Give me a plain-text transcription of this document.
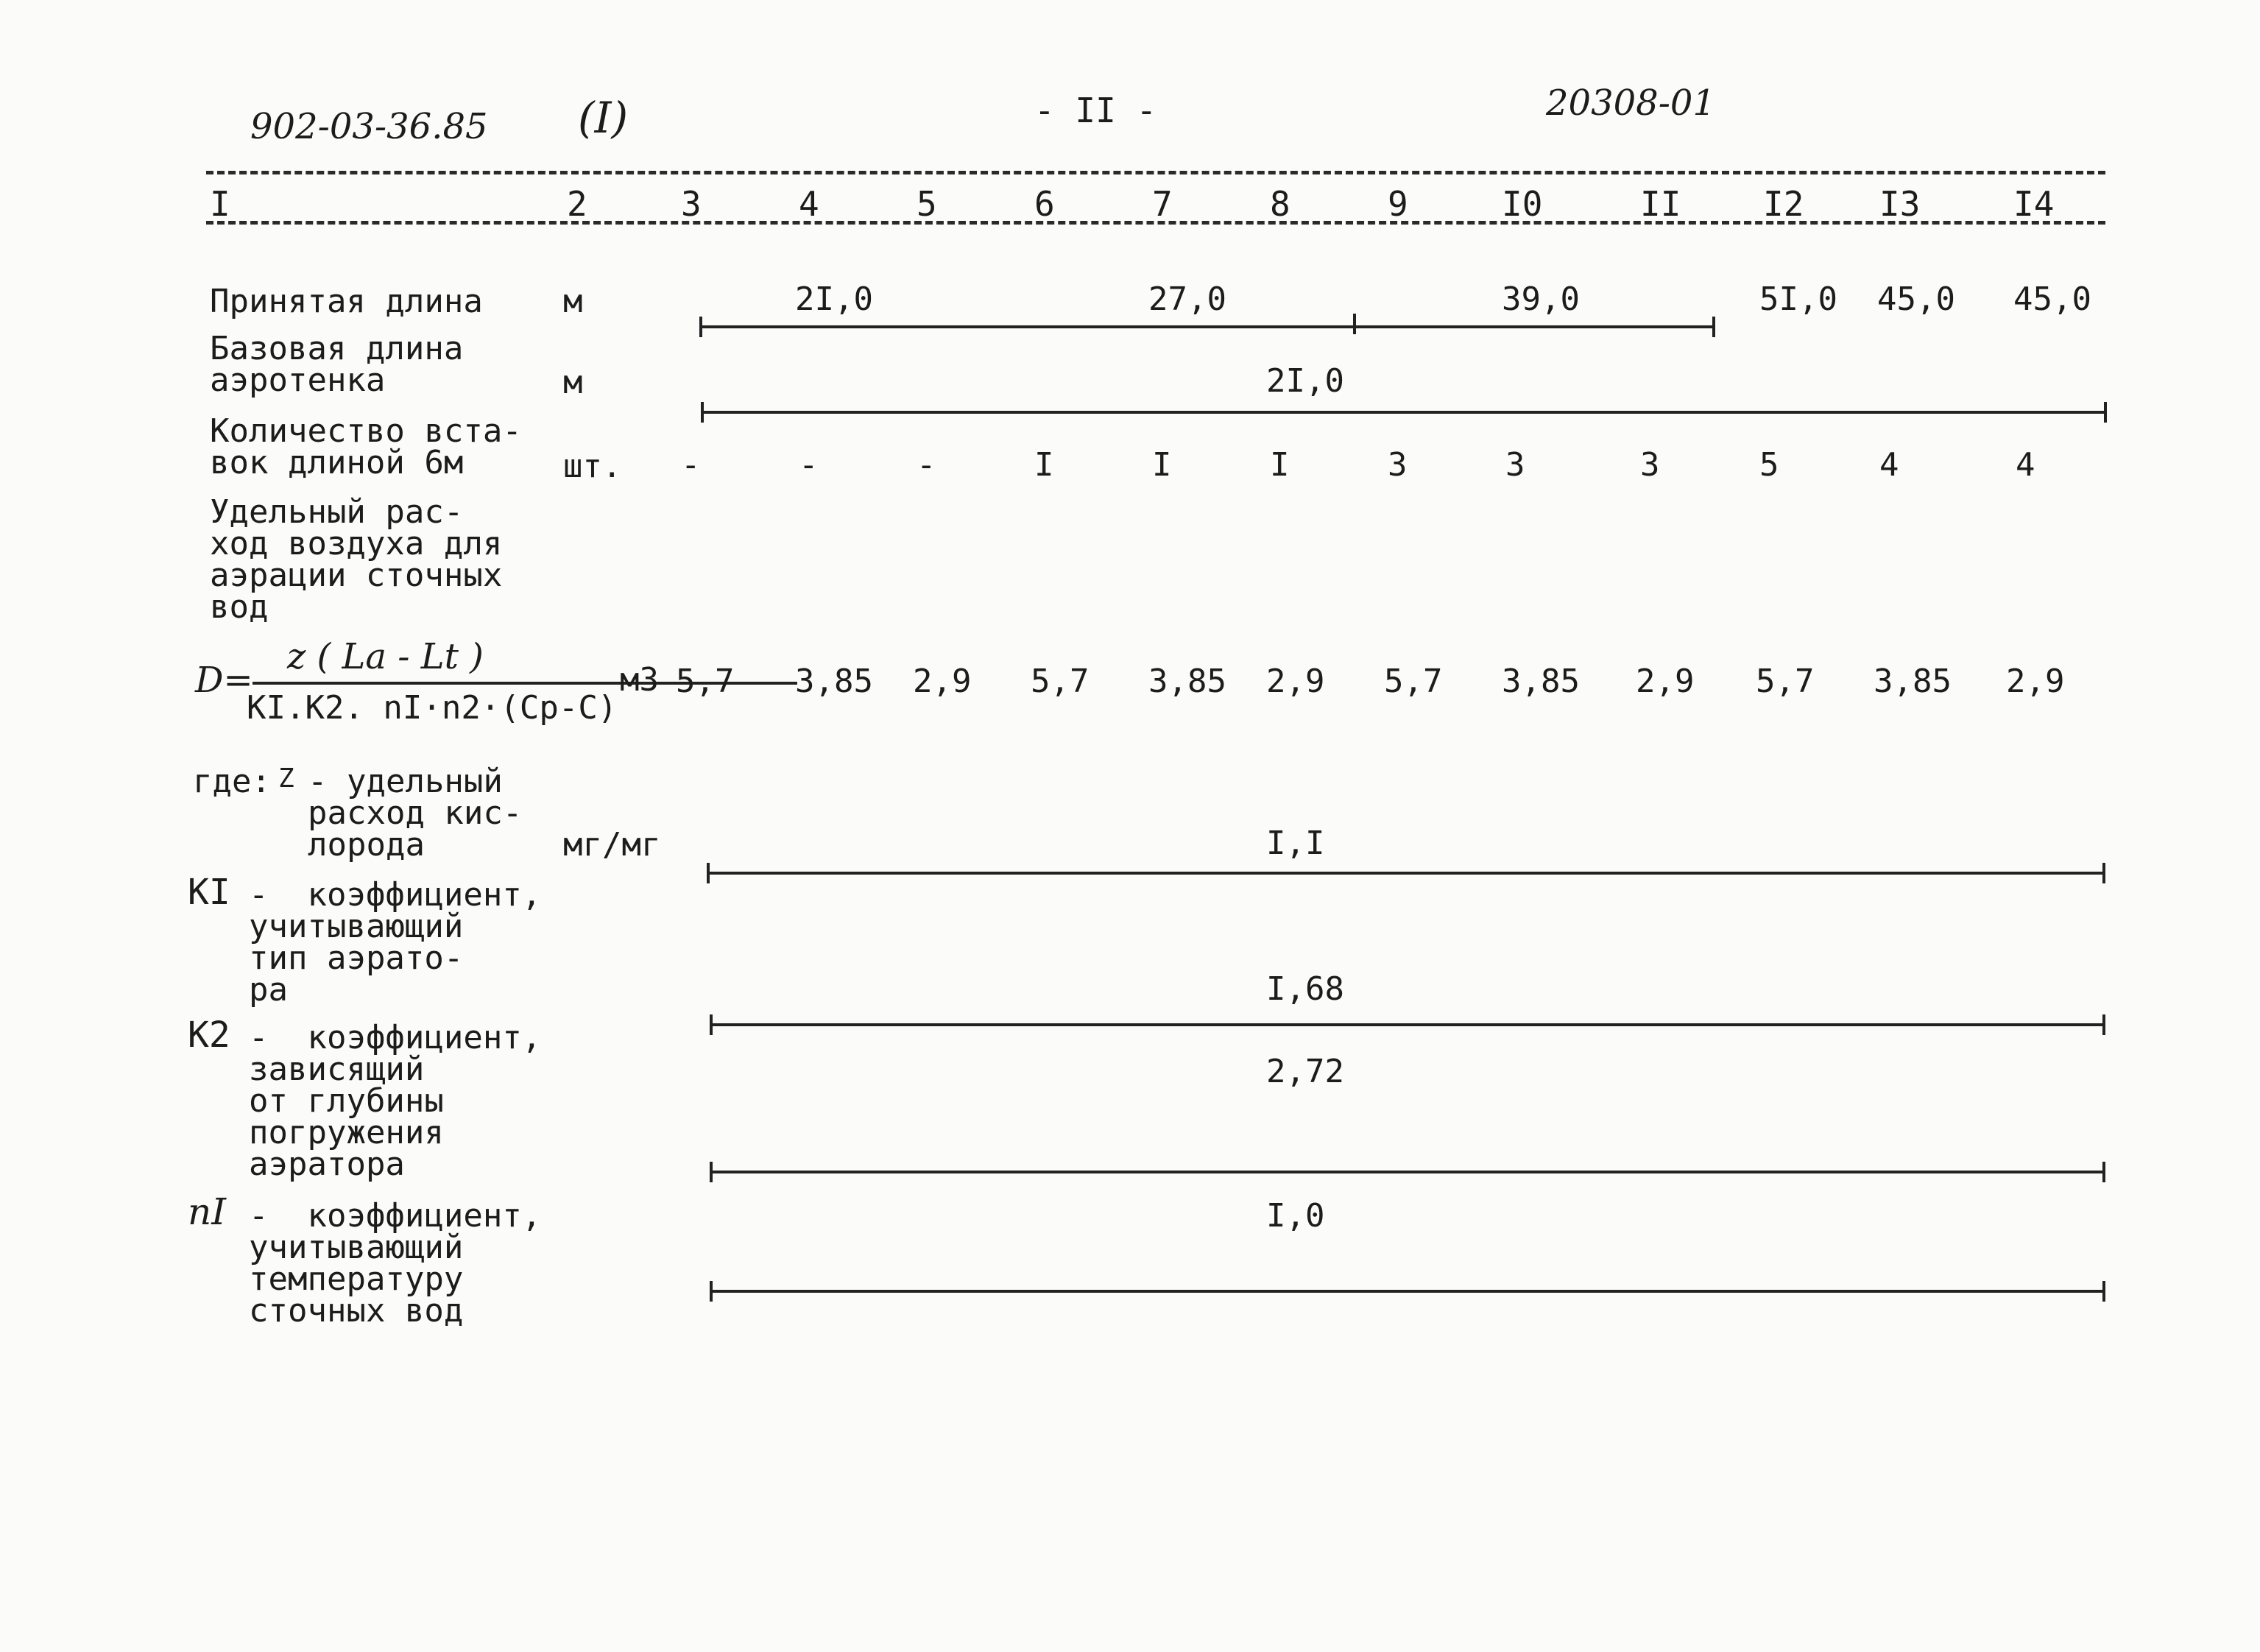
902-03-36.85 (I)	- II -	20308-01
I	2	3	4	5	6	7	8	9	I0	II I2 I3	I4
Принятая длина м	2I,0	27,0	39,0	5I,0 45,0 45,0
Базовая длина
аэротенка	м	2I,0
Количество вста-
вок длиной 6м	шт. -	-	-	I	I	I	3	3	3	5	4	4
Удельный рас-
ход воздуха для
аэрации сточных
вод
D=
z ( La - Lt )
KI.K2. nI·n2·(Cp-C)
м3 5,7 3,85 2,9 5,7 3,85 2,9 5,7 3,85 2,9 5,7 3,85 2,9
где: Z - удельный
расход кис-
лорода	мг/мг	I,I
KI -  коэффициент,
учитывающий
тип аэрато-
ра	I,68
K2 -  коэффициент,
зависящий
от глубины
погружения
аэратора
2,72
nI -  коэффициент,
учитывающий
температуру
сточных вод
I,0
